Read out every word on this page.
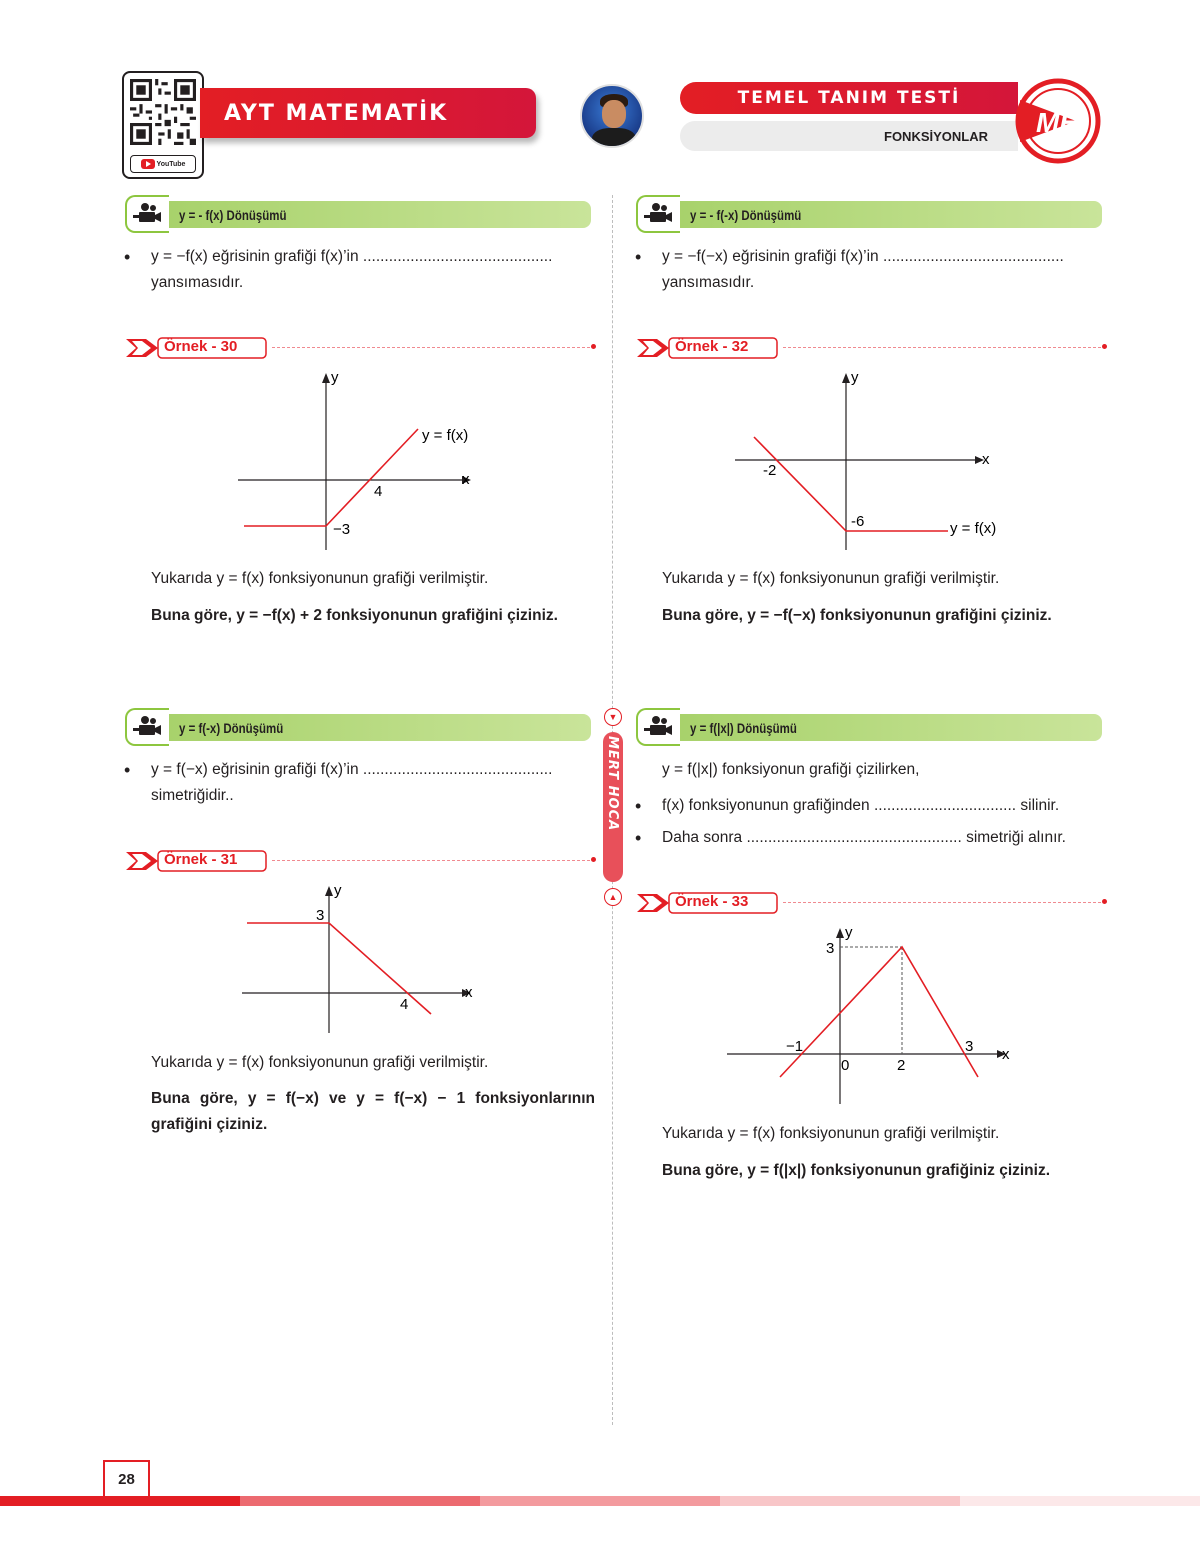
YouTube
AYT MATEMATİK
TEMEL TANIM TESTİ
FONKSİYONLAR MH
▼
MERT HOCA
▲
y = - f(x) Dönüşümü
• y = −f(x) eğrisinin grafiği f(x)’in ............................................
yansımasıdır.
Örnek - 30
y
x
y = f(x)
4
−3
Yukarıda y = f(x) fonksiyonunun grafiği verilmiştir.
Buna göre, y = −f(x) + 2 fonksiyonunun grafiğini çiziniz.
y = - f(-x) Dönüşümü
• y = −f(−x) eğrisinin grafiği f(x)’in ..........................................
yansımasıdır.
Örnek - 32
y
x
y = f(x)
-2
-6
Yukarıda y = f(x) fonksiyonunun grafiği verilmiştir.
Buna göre, y = −f(−x) fonksiyonunun grafiğini çiziniz.
y = f(-x) Dönüşümü
• y = f(−x) eğrisinin grafiği f(x)’in ............................................
simetriğidir..
Örnek - 31
y
x
4
3
Yukarıda y = f(x) fonksiyonunun grafiği verilmiştir.
Buna göre, y = f(−x) ve y = f(−x) − 1 fonksiyonlarının grafiğini çiziniz.
y = f(|x|) Dönüşümü
y = f(|x|) fonksiyonun grafiği çizilirken,
• f(x) fonksiyonunun grafiğinden ................................. silinir.
• Daha sonra .................................................. simetriği alınır.
Örnek - 33
y
x
3
−1
0	2
3
Yukarıda y = f(x) fonksiyonunun grafiği verilmiştir.
Buna göre, y = f(|x|) fonksiyonunun grafiğiniz çiziniz.
28
